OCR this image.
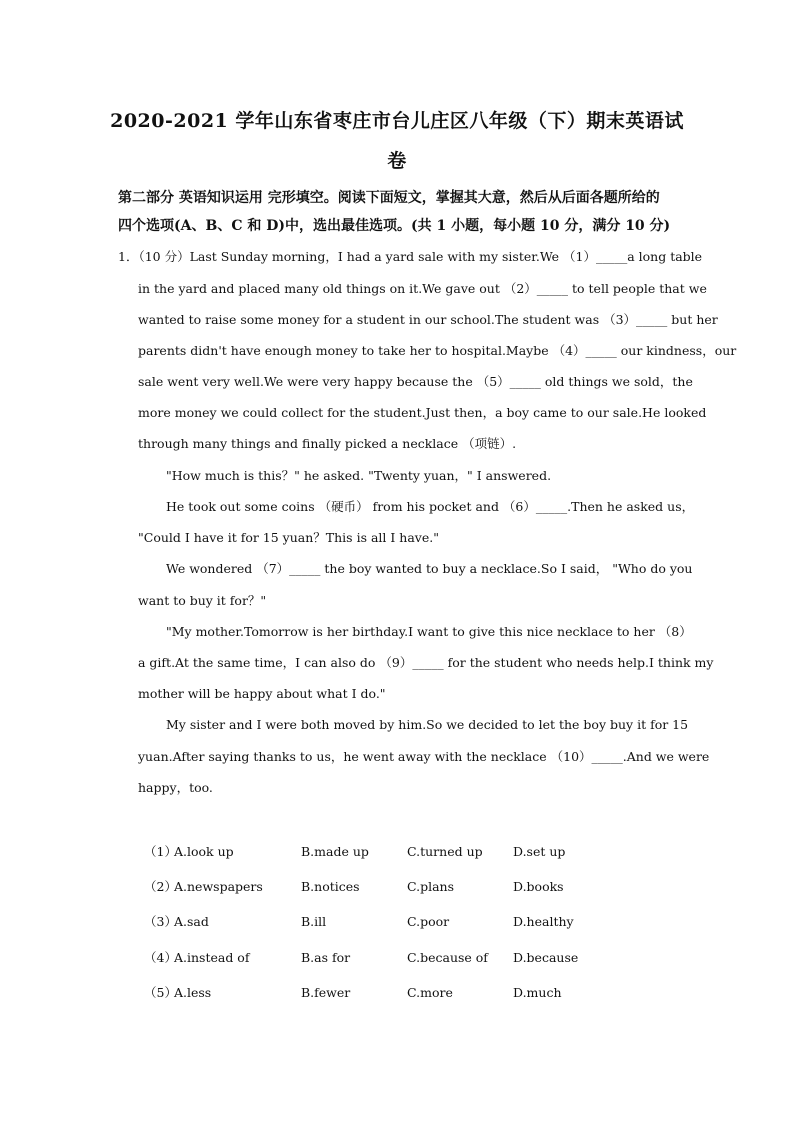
2020-2021 学年山东省枣庄市台儿庄区八年级（下）期末英语试
卷
第二部分 英语知识运用 完形填空。阅读下面短文，掌握其大意，然后从后面各题所给的
四个选项(A、B、C 和 D)中，选出最佳选项。(共 1 小题，每小题 10 分，满分 10 分)
1．（10 分）Last Sunday morning，I had a yard sale with my sister.We （1）_____a long table
in the yard and placed many old things on it.We gave out （2）_____ to tell people that we
wanted to raise some money for a student in our school.The student was （3）_____ but her
parents didn't have enough money to take her to hospital.Maybe （4）_____ our kindness，our
sale went very well.We were very happy because the （5）_____ old things we sold，the
more money we could collect for the student.Just then，a boy came to our sale.He looked
through many things and finally picked a necklace （项链）.
"How much is this？" he asked. "Twenty yuan，" I answered.
He took out some coins （硬币） from his pocket and （6）_____.Then he asked us，
"Could I have it for 15 yuan？This is all I have."
We wondered （7）_____ the boy wanted to buy a necklace.So I said， "Who do you
want to buy it for？"
"My mother.Tomorrow is her birthday.I want to give this nice necklace to her （8）
a gift.At the same time，I can also do （9）_____ for the student who needs help.I think my
mother will be happy about what I do."
My sister and I were both moved by him.So we decided to let the boy buy it for 15
yuan.After saying thanks to us，he went away with the necklace （10）_____.And we were
happy，too.
（1）
A.look up	B.made up	C.turned up D.set up
（2）
A.newspapers	B.notices	C.plans	D.books
（3）
A.sad	B.ill	C.poor	D.healthy
（4）
A.instead of	B.as for	C.because of D.because
（5）
A.less	B.fewer	C.more	D.much
